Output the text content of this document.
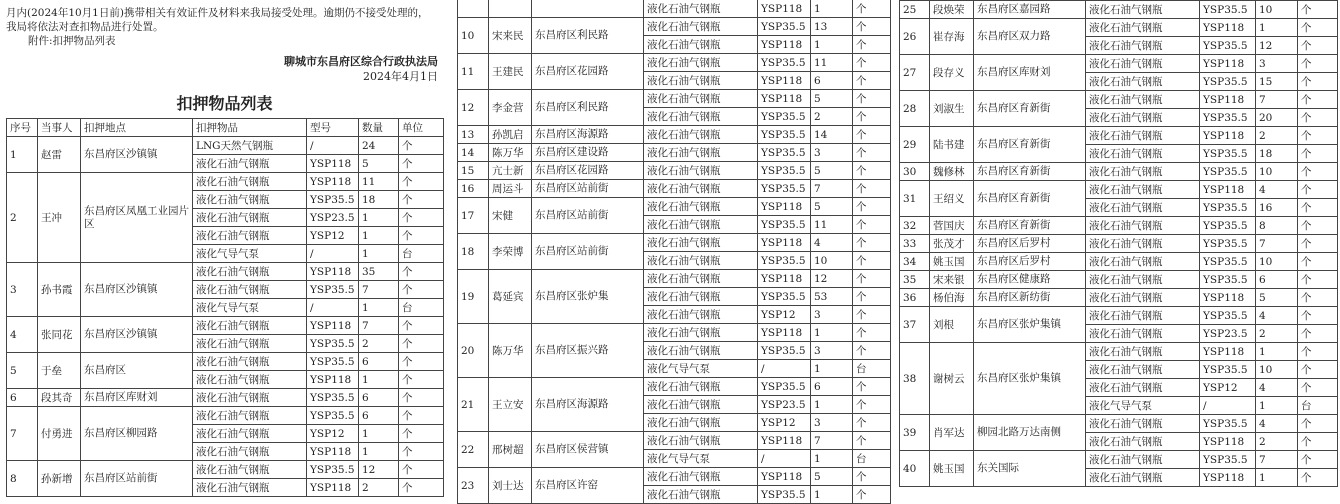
月内(2024年10月1日前)携带相关有效证件及材料来我局接受处理。逾期仍不接受处理的，

我局将依法对查扣物品进行处置。

附件:扣押物品列表

聊城市东昌府区综合行政执法局
2024年4月1日
扣押物品列表
序号	当事人	扣押地点	扣押物品	型号	数量	单位
1	赵雷	东昌府区沙镇镇	LNG天然气钢瓶	/	24	个
			液化石油气钢瓶	YSP118	5	个
2	王冲	东昌府区凤凰工业园片区	液化石油气钢瓶	YSP118	11	个
			液化石油气钢瓶	YSP35.5	18	个
			液化石油气钢瓶	YSP23.5	1	个
			液化石油气钢瓶	YSP12	1	个
			液化气导气泵	/	1	台
3	孙书霞	东昌府区沙镇镇	液化石油气钢瓶	YSP118	35	个
			液化石油气钢瓶	YSP35.5	7	个
			液化气导气泵	/	1	台
4	张同花	东昌府区沙镇镇	液化石油气钢瓶	YSP118	7	个
			液化石油气钢瓶	YSP35.5	2	个
5	于垒	东昌府区	液化石油气钢瓶	YSP35.5	6	个
			液化石油气钢瓶	YSP118	1	个
6	段其奇	东昌府区库财刘	液化石油气钢瓶	YSP35.5	6	个
7	付勇进	东昌府区柳园路	液化石油气钢瓶	YSP35.5	6	个
			液化石油气钢瓶	YSP12	1	个
			液化石油气钢瓶	YSP118	1	个
8	孙新增	东昌府区站前街	液化石油气钢瓶	YSP35.5	12	个
			液化石油气钢瓶	YSP118	2	个
			液化石油气钢瓶	YSP118	1	个
10	宋来民	东昌府区利民路	液化石油气钢瓶	YSP35.5	13	个
			液化石油气钢瓶	YSP118	1	个
11	王建民	东昌府区花园路	液化石油气钢瓶	YSP35.5	11	个
			液化石油气钢瓶	YSP118	6	个
12	李金营	东昌府区利民路	液化石油气钢瓶	YSP118	5	个
			液化石油气钢瓶	YSP35.5	2	个
13	孙凯启	东昌府区海源路	液化石油气钢瓶	YSP35.5	14	个
14	陈万华	东昌府区建设路	液化石油气钢瓶	YSP35.5	3	个
15	亢士新	东昌府区花园路	液化石油气钢瓶	YSP35.5	5	个
16	周运斗	东昌府区站前街	液化石油气钢瓶	YSP35.5	7	个
17	宋健	东昌府区站前街	液化石油气钢瓶	YSP118	5	个
			液化石油气钢瓶	YSP35.5	11	个
18	李荣博	东昌府区站前街	液化石油气钢瓶	YSP118	4	个
			液化石油气钢瓶	YSP35.5	10	个
19	葛延宾	东昌府区张炉集	液化石油气钢瓶	YSP118	12	个
			液化石油气钢瓶	YSP35.5	53	个
			液化石油气钢瓶	YSP12	3	个
20	陈万华	东昌府区振兴路	液化石油气钢瓶	YSP118	1	个
			液化石油气钢瓶	YSP35.5	3	个
			液化气导气泵	/	1	台
21	王立安	东昌府区海源路	液化石油气钢瓶	YSP35.5	6	个
			液化石油气钢瓶	YSP23.5	1	个
			液化石油气钢瓶	YSP12	3	个
22	邢树超	东昌府区侯营镇	液化石油气钢瓶	YSP118	7	个
			液化气导气泵	/	1	台
23	刘士达	东昌府区许窑	液化石油气钢瓶	YSP118	5	个
			液化石油气钢瓶	YSP35.5	1	个
25	段焕荣	东昌府区嘉园路	液化石油气钢瓶	YSP35.5	10	个
26	崔存海	东昌府区双力路	液化石油气钢瓶	YSP118	1	个
			液化石油气钢瓶	YSP35.5	12	个
27	段存义	东昌府区库财刘	液化石油气钢瓶	YSP118	3	个
			液化石油气钢瓶	YSP35.5	15	个
28	刘淑生	东昌府区育新街	液化石油气钢瓶	YSP118	7	个
			液化石油气钢瓶	YSP35.5	20	个
29	陆书建	东昌府区育新街	液化石油气钢瓶	YSP118	2	个
			液化石油气钢瓶	YSP35.5	18	个
30	魏修林	东昌府区育新街	液化石油气钢瓶	YSP35.5	10	个
31	王绍义	东昌府区育新街	液化石油气钢瓶	YSP118	4	个
			液化石油气钢瓶	YSP35.5	16	个
32	菅国庆	东昌府区育新街	液化石油气钢瓶	YSP35.5	8	个
33	张茂才	东昌府区后罗村	液化石油气钢瓶	YSP35.5	7	个
34	姚玉国	东昌府区后罗村	液化石油气钢瓶	YSP35.5	10	个
35	宋来银	东昌府区健康路	液化石油气钢瓶	YSP35.5	6	个
36	杨伯海	东昌府区新纺街	液化石油气钢瓶	YSP118	5	个
37	刘根	东昌府区张炉集镇	液化石油气钢瓶	YSP35.5	4	个
			液化石油气钢瓶	YSP23.5	2	个
38	谢树云	东昌府区张炉集镇	液化石油气钢瓶	YSP118	1	个
			液化石油气钢瓶	YSP35.5	10	个
			液化石油气钢瓶	YSP12	4	个
			液化气导气泵	/	1	台
39	肖军达	柳园北路万达南侧	液化石油气钢瓶	YSP35.5	4	个
			液化石油气钢瓶	YSP118	2	个
40	姚玉国	东关国际	液化石油气钢瓶	YSP35.5	7	个
			液化石油气钢瓶	YSP118	1	个
